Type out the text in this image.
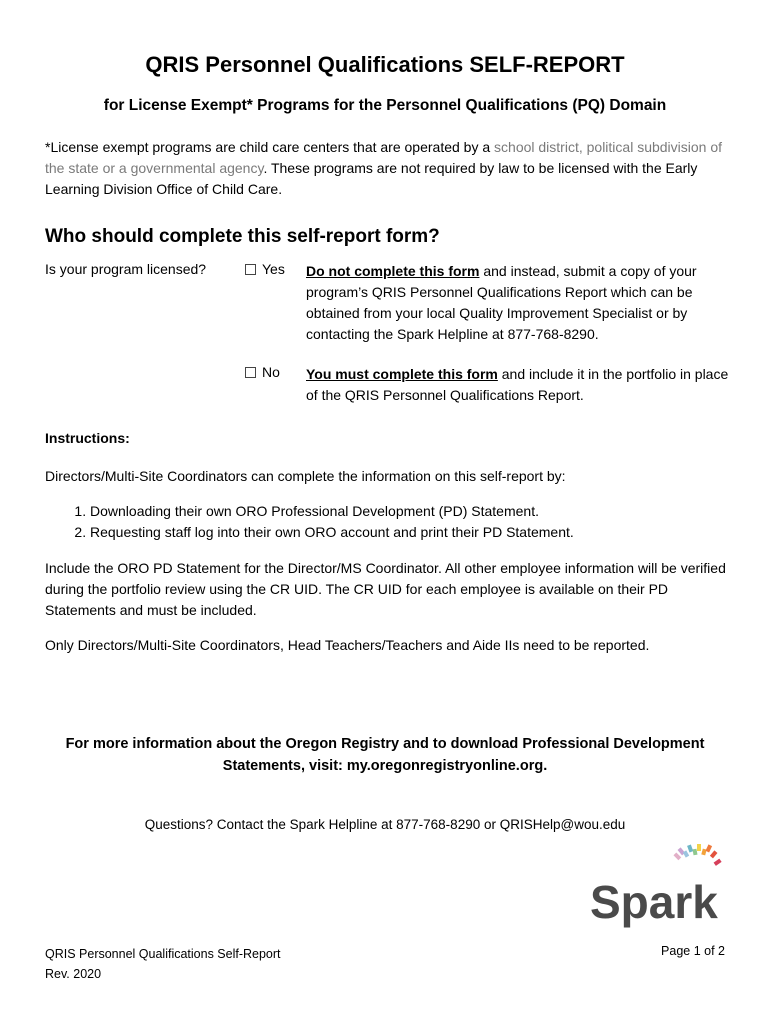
QRIS Personnel Qualifications SELF-REPORT
for License Exempt* Programs for the Personnel Qualifications (PQ) Domain
*License exempt programs are child care centers that are operated by a school district, political subdivision of the state or a governmental agency. These programs are not required by law to be licensed with the Early Learning Division Office of Child Care.
Who should complete this self-report form?
Is your program licensed?	Yes Do not complete this form and instead, submit a copy of your program’s QRIS Personnel Qualifications Report which can be obtained from your local Quality Improvement Specialist or by contacting the Spark Helpline at 877-768-8290.
No You must complete this form and include it in the portfolio in place of the QRIS Personnel Qualifications Report.
Instructions:
Directors/Multi-Site Coordinators can complete the information on this self-report by:
1. Downloading their own ORO Professional Development (PD) Statement.
2. Requesting staff log into their own ORO account and print their PD Statement.
Include the ORO PD Statement for the Director/MS Coordinator. All other employee information will be verified during the portfolio review using the CR UID. The CR UID for each employee is available on their PD Statements and must be included.
Only Directors/Multi-Site Coordinators, Head Teachers/Teachers and Aide IIs need to be reported.
For more information about the Oregon Registry and to download Professional Development Statements, visit: my.oregonregistryonline.org.
Questions? Contact the Spark Helpline at 877-768-8290 or QRISHelp@wou.edu
Spark
QRIS Personnel Qualifications Self-Report
Rev. 2020
Page 1 of 2
